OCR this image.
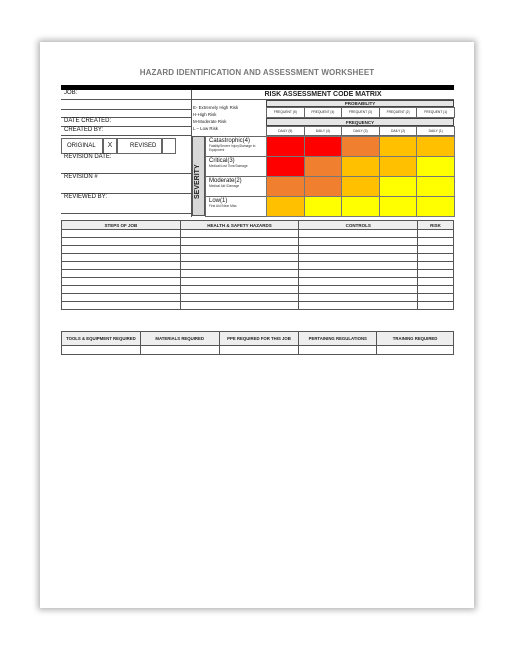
HAZARD IDENTIFICATION AND ASSESSMENT WORKSHEET
JOB:
DATE CREATED:
CREATED BY:
ORIGINAL	X	REVISED
REVISION DATE:
REVISION #
REVIEWED BY:
E- Extremely High Risk
H-High Risk
M-Moderate Risk
L – Low Risk
RISK ASSESSMENT CODE MATRIX
PROBABILITY
FREQUENT (5)	FREQUENT (4)	FREQUENT (3)	FREQUENT (2)	FREQUENT (1)
FREQUENCY
DAILY (5)	DAILY (4)	DAILY (3)	DAILY (2)	DAILY (1)
SEVERITY
Catastrophic(4)
Fatality/Severe Injury/Damage to Equipment
Critical(3)
Medical/Lost Time/Damage
Moderate(2)
Medical Aid /Damage
Low(1)
First Aid /Near Miss
STEPS OF JOB	HEALTH & SAFETY HAZARDS	CONTROLS	RISK

TOOLS & EQUIPMENT REQUIRED	MATERIALS REQUIRED	PPE REQUIRED FOR THIS JOB	PERTAINING REGULATIONS	TRAINING REQUIRED
